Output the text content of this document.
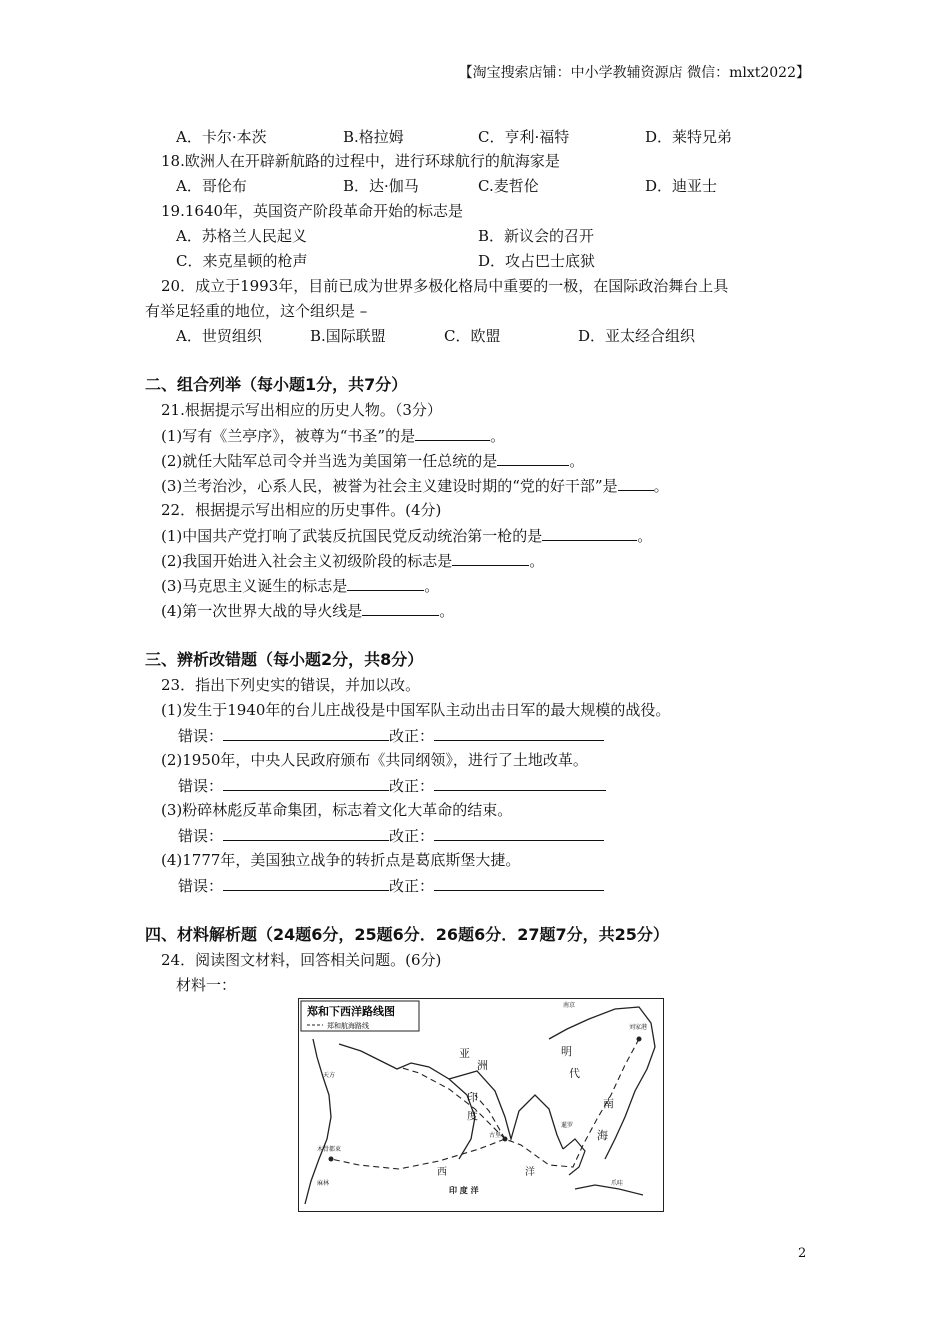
【淘宝搜索店铺：中小学教辅资源店 微信：mlxt2022】
A．卡尔·本茨	B.格拉姆	C．亨利·福特	D．莱特兄弟
18.欧洲人在开辟新航路的过程中，进行环球航行的航海家是
A．哥伦布	B．达·伽马	C.麦哲伦	D．迪亚士
19.1640年，英国资产阶段革命开始的标志是
A．苏格兰人民起义	B．新议会的召开
C．来克星顿的枪声	D．攻占巴士底狱
20．成立于1993年，目前已成为世界多极化格局中重要的一极，在国际政治舞台上具
有举足轻重的地位，这个组织是 –
A．世贸组织	B.国际联盟	C．欧盟	D．亚太经合组织
二、组合列举（每小题1分，共7分）
21.根据提示写出相应的历史人物。（3分）
(1)写有《兰亭序》，被尊为“书圣”的是	。
(2)就任大陆军总司令并当选为美国第一任总统的是	。
(3)兰考治沙，心系人民，被誉为社会主义建设时期的“党的好干部”是 。
22．根据提示写出相应的历史事件。(4分)
(1)中国共产党打响了武装反抗国民党反动统治第一枪的是	。
(2)我国开始进入社会主义初级阶段的标志是	。
(3)马克思主义诞生的标志是	。
(4)第一次世界大战的导火线是	。
三、辨析改错题（每小题2分，共8分）
23．指出下列史实的错误，并加以改。
(1)发生于1940年的台儿庄战役是中国军队主动出击日军的最大规模的战役。
错误：	改正：
(2)1950年，中央人民政府颁布《共同纲领》，进行了土地改革。
错误：	改正：
(3)粉碎林彪反革命集团，标志着文化大革命的结束。
错误：	改正：
(4)1777年，美国独立战争的转折点是葛底斯堡大捷。
错误：	改正：
四、材料解析题（24题6分，25题6分．26题6分．27题7分，共25分）
24．阅读图文材料，回答相关问题。(6分)
材料一：
郑和下西洋路线图
郑和航海路线
亚
洲
印
度
明
代
南
海
西	洋
印 度 洋
南京
刘家港
天方
暹罗
古里
木骨都束
麻林	爪哇
2
